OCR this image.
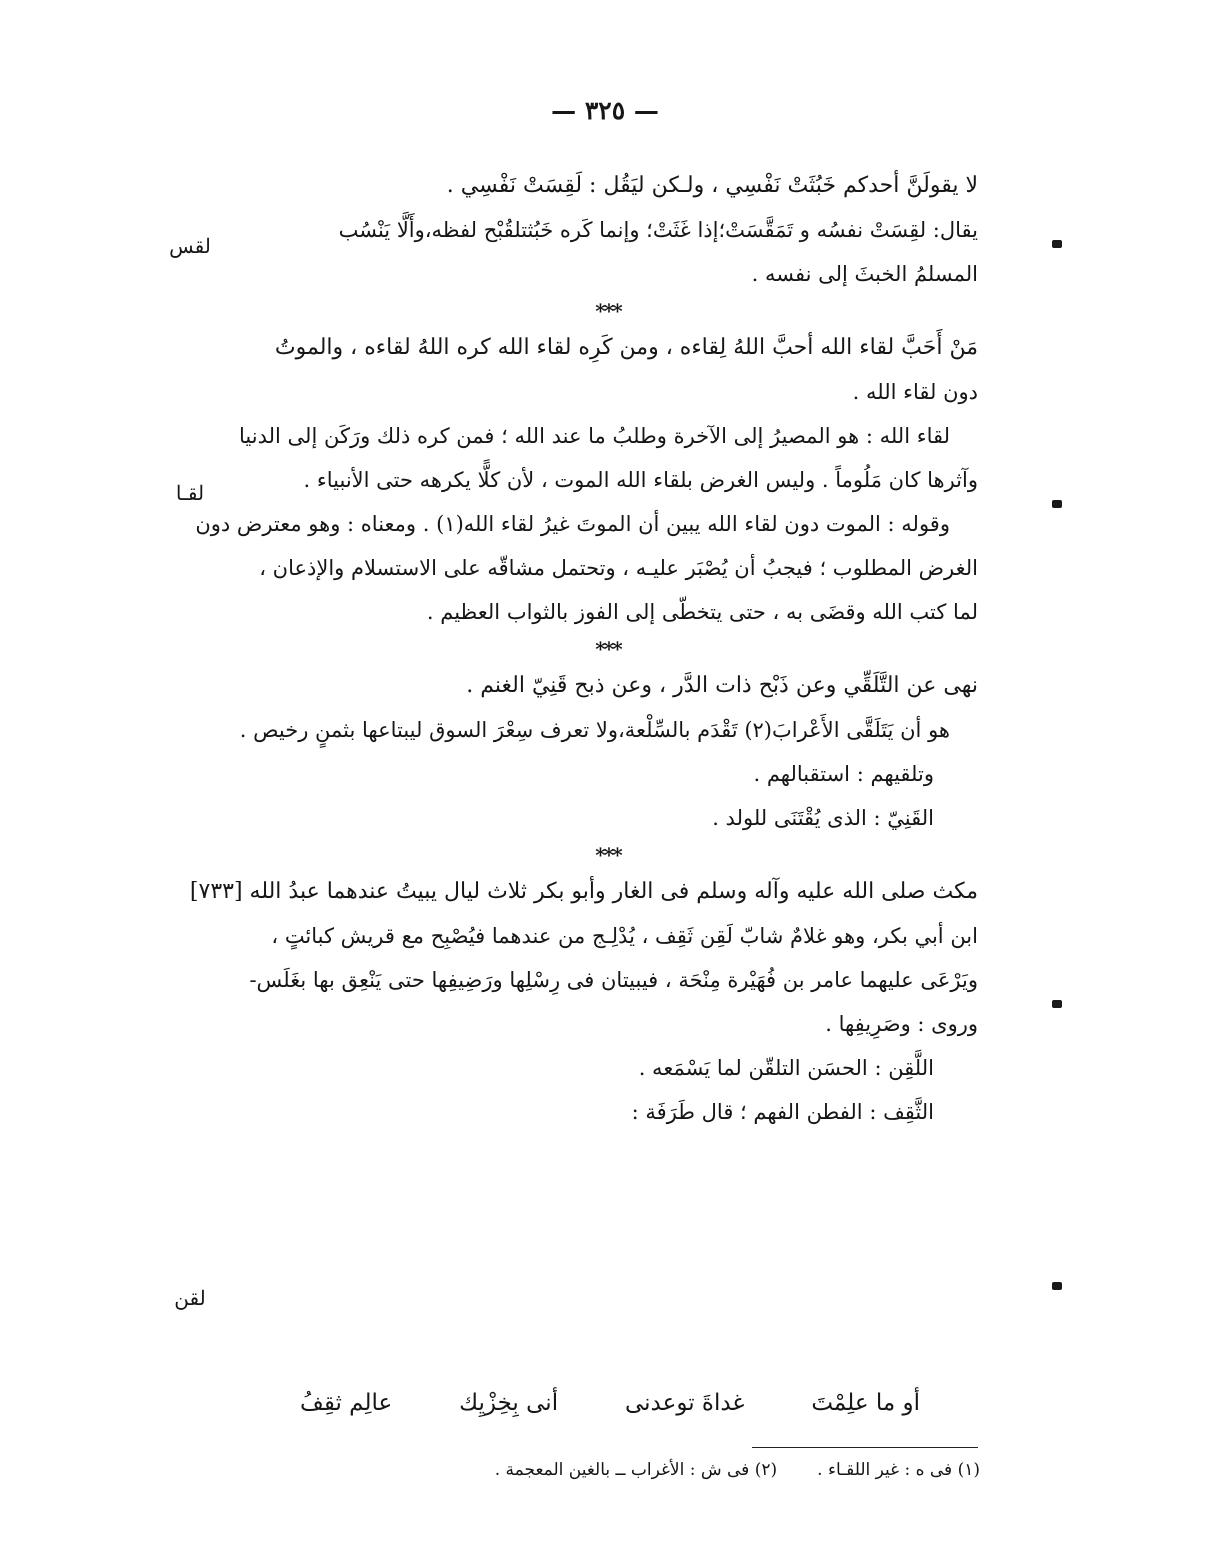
— ٣٢٥ —
لا يقولَنَّ أحدكم خَبُثَتْ نَفْسِي ، ولـكن ليَقُل : لَقِسَتْ نَفْسِي .
يقال: لقِسَتْ نفسُه و تَمَقَّسَتْ؛إذا غَثَتْ؛ وإنما كَره خَبُثتلقُبْح لفظه،وأَلَّا يَنْسُب
المسلمُ الخبثَ إلى نفسه .
***
مَنْ أَحَبَّ لقاء الله أحبَّ اللهُ لِقاءه ، ومن كَرِه لقاء الله كره اللهُ لقاءه ، والموتُ
دون لقاء الله .
لقاء الله : هو المصيرُ إلى الآخرة وطلبُ ما عند الله ؛ فمن كره ذلك ورَكَن إلى الدنيا
وآثرها كان مَلُوماً . وليس الغرض بلقاء الله الموت ، لأن كلًّا يكرهه حتى الأنبياء .
وقوله : الموت دون لقاء الله يبين أن الموتَ غيرُ لقاء الله(١) . ومعناه : وهو معترض دون
الغرض المطلوب ؛ فيجبُ أن يُصْبَر عليـه ، وتحتمل مشاقّه على الاستسلام والإذعان ،
لما كتب الله وقضَى به ، حتى يتخطّى إلى الفوز بالثواب العظيم .
***
نهى عن التَّلَقِّي وعن ذَبْح ذات الدَّر ، وعن ذبح قَنِيّ الغنم .
هو أن يَتَلَقَّى الأَعْرابَ(٢) تَقْدَم بالسِّلْعة،ولا تعرف سِعْرَ السوق ليبتاعها بثمنٍ رخيص .
وتلقيهم : استقبالهم .
القَنِيّ : الذى يُقْتَنَى للولد .
***
مكث صلى الله عليه وآله وسلم فى الغار وأبو بكر ثلاث ليال يبيتُ عندهما عبدُ الله [٧٣٣]
ابن أبي بكر، وهو غلامٌ شابّ لَقِن ثَقِف ، يُدْلِـج من عندهما فيُصْبِح مع قريش كبائتٍ ،
ويَرْعَى عليهما عامر بن فُهَيْرة مِنْحَة ، فيبيتان فى رِسْلِها ورَضِيفِها حتى يَنْعِق بها بغَلَس-
وروى : وصَرِيفِها .
اللَّقِن : الحسَن التلقّن لما يَسْمَعه .
الثَّقِف : الفطن الفهم ؛ قال طَرَفَة :
لقس
لقـا
لقن
أو ما علِمْتَ
غداةَ توعدنى
أنى بِخِزْيِك
عالِم ثقِفُ
(١) فى ه : غير اللقـاء .
(٢) فى ش : الأغراب ــ بالغين المعجمة .
